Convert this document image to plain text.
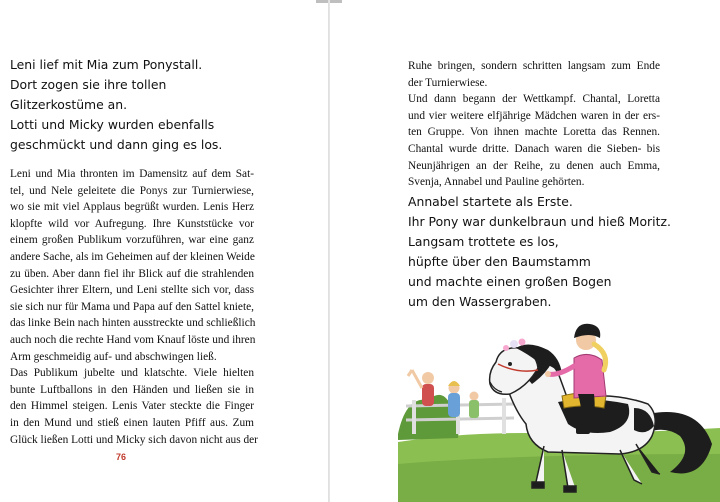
Leni lief mit Mia zum Ponystall.
Dort zogen sie ihre tollen
Glitzerkostüme an.
Lotti und Micky wurden ebenfalls
geschmückt und dann ging es los.
Leni und Mia thronten im Damensitz auf dem Sat-
tel, und Nele geleitete die Ponys zur Turnierwiese,
wo sie mit viel Applaus begrüßt wurden. Lenis Herz
klopfte wild vor Aufregung. Ihre Kunststücke vor
einem großen Publikum vorzuführen, war eine ganz
andere Sache, als im Geheimen auf der kleinen Weide
zu üben. Aber dann fiel ihr Blick auf die strahlenden
Gesichter ihrer Eltern, und Leni stellte sich vor, dass
sie sich nur für Mama und Papa auf den Sattel kniete,
das linke Bein nach hinten ausstreckte und schließlich
auch noch die rechte Hand vom Knauf löste und ihren
Arm geschmeidig auf- und abschwingen ließ.
Das Publikum jubelte und klatschte. Viele hielten
bunte Luftballons in den Händen und ließen sie in
den Himmel steigen. Lenis Vater steckte die Finger
in den Mund und stieß einen lauten Pfiff aus. Zum
Glück ließen Lotti und Micky sich davon nicht aus der
76
Ruhe bringen, sondern schritten langsam zum Ende
der Turnierwiese.
Und dann begann der Wettkampf. Chantal, Loretta
und vier weitere elfjährige Mädchen waren in der ers-
ten Gruppe. Von ihnen machte Loretta das Rennen.
Chantal wurde dritte. Danach waren die Sieben- bis
Neunjährigen an der Reihe, zu denen auch Emma,
Svenja, Annabel und Pauline gehörten.
Annabel startete als Erste.
Ihr Pony war dunkelbraun und hieß Moritz.
Langsam trottete es los,
hüpfte über den Baumstamm
und machte einen großen Bogen
um den Wassergraben.
